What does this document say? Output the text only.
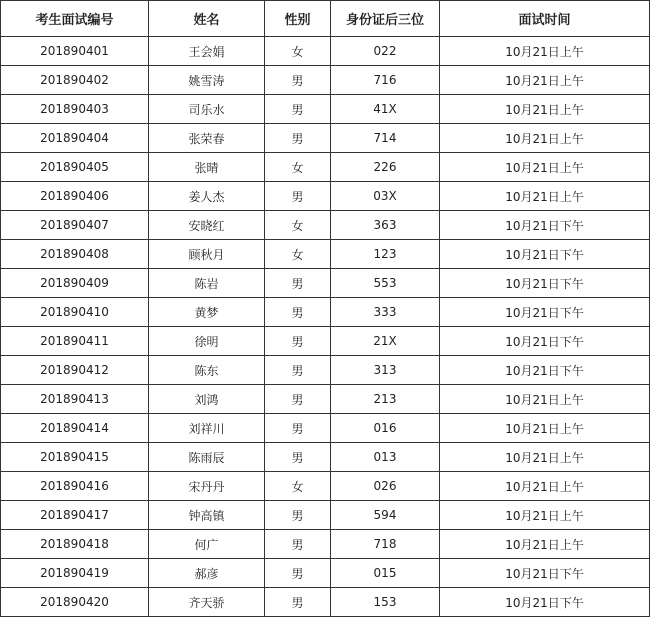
考生面试编号	姓名	性别	身份证后三位	面试时间
201890401	王会娟	女	022	10月21日上午
201890402	姚雪涛	男	716	10月21日上午
201890403	司乐水	男	41X	10月21日上午
201890404	张荣春	男	714	10月21日上午
201890405	张晴	女	226	10月21日上午
201890406	姜人杰	男	03X	10月21日上午
201890407	安晓红	女	363	10月21日下午
201890408	顾秋月	女	123	10月21日下午
201890409	陈岩	男	553	10月21日下午
201890410	黄梦	男	333	10月21日下午
201890411	徐明	男	21X	10月21日下午
201890412	陈东	男	313	10月21日下午
201890413	刘鸿	男	213	10月21日上午
201890414	刘祥川	男	016	10月21日上午
201890415	陈雨辰	男	013	10月21日上午
201890416	宋丹丹	女	026	10月21日上午
201890417	钟高镇	男	594	10月21日上午
201890418	何广	男	718	10月21日上午
201890419	郝彦	男	015	10月21日下午
201890420	齐天骄	男	153	10月21日下午
